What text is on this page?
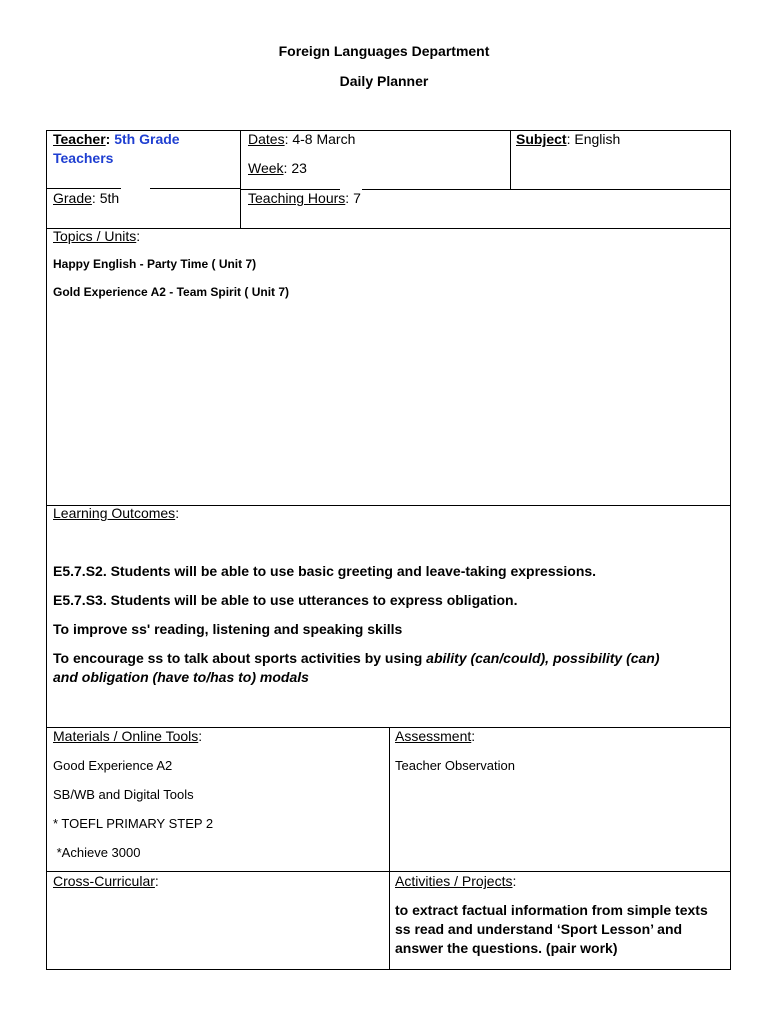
Foreign Languages Department
Daily Planner
Teacher: 5th Grade Teachers
Dates: 4-8 March
Week: 23
Subject: English
Grade: 5th	Teaching Hours: 7
Topics / Units:
Happy English - Party Time ( Unit 7)
Gold Experience A2 - Team Spirit ( Unit 7)
Learning Outcomes:
E5.7.S2. Students will be able to use basic greeting and leave-taking expressions.
E5.7.S3. Students will be able to use utterances to express obligation.
To improve ss' reading, listening and speaking skills
To encourage ss to talk about sports activities by using ability (can/could), possibility (can) and obligation (have to/has to) modals
Materials / Online Tools:
Good Experience A2
SB/WB and Digital Tools
* TOEFL PRIMARY STEP 2
*Achieve 3000
Assessment:
Teacher Observation
Cross-Curricular:	Activities / Projects:
to extract factual information from simple texts ss read and understand ‘Sport Lesson’ and answer the questions. (pair work)
